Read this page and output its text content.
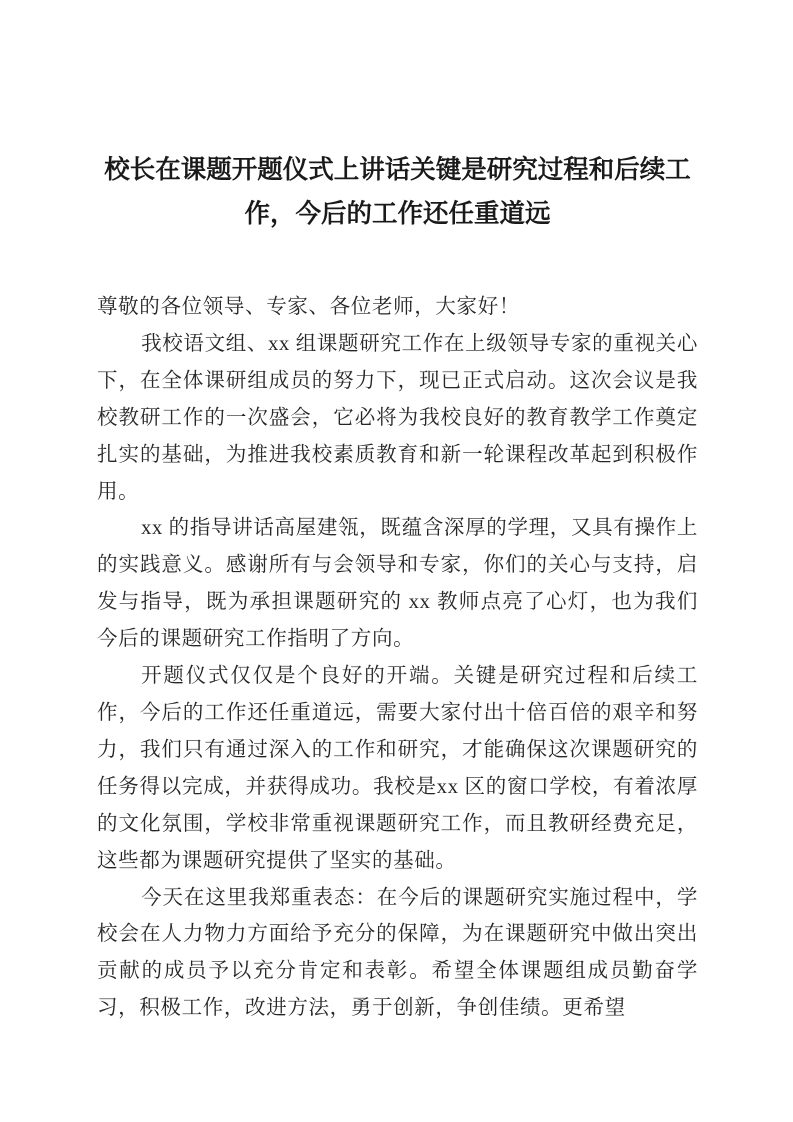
校长在课题开题仪式上讲话关键是研究过程和后续工作，今后的工作还任重道远

尊敬的各位领导、专家、各位老师，大家好！

我校语文组、xx 组课题研究工作在上级领导专家的重视关心下，在全体课研组成员的努力下，现已正式启动。这次会议是我校教研工作的一次盛会，它必将为我校良好的教育教学工作奠定扎实的基础，为推进我校素质教育和新一轮课程改革起到积极作用。

xx 的指导讲话高屋建瓴，既蕴含深厚的学理，又具有操作上的实践意义。感谢所有与会领导和专家，你们的关心与支持，启发与指导，既为承担课题研究的 xx 教师点亮了心灯，也为我们今后的课题研究工作指明了方向。

开题仪式仅仅是个良好的开端。关键是研究过程和后续工作，今后的工作还任重道远，需要大家付出十倍百倍的艰辛和努力，我们只有通过深入的工作和研究，才能确保这次课题研究的任务得以完成，并获得成功。我校是xx 区的窗口学校，有着浓厚的文化氛围，学校非常重视课题研究工作，而且教研经费充足，这些都为课题研究提供了坚实的基础。

今天在这里我郑重表态：在今后的课题研究实施过程中，学校会在人力物力方面给予充分的保障，为在课题研究中做出突出贡献的成员予以充分肯定和表彰。希望全体课题组成员勤奋学习，积极工作，改进方法，勇于创新，争创佳绩。更希望
